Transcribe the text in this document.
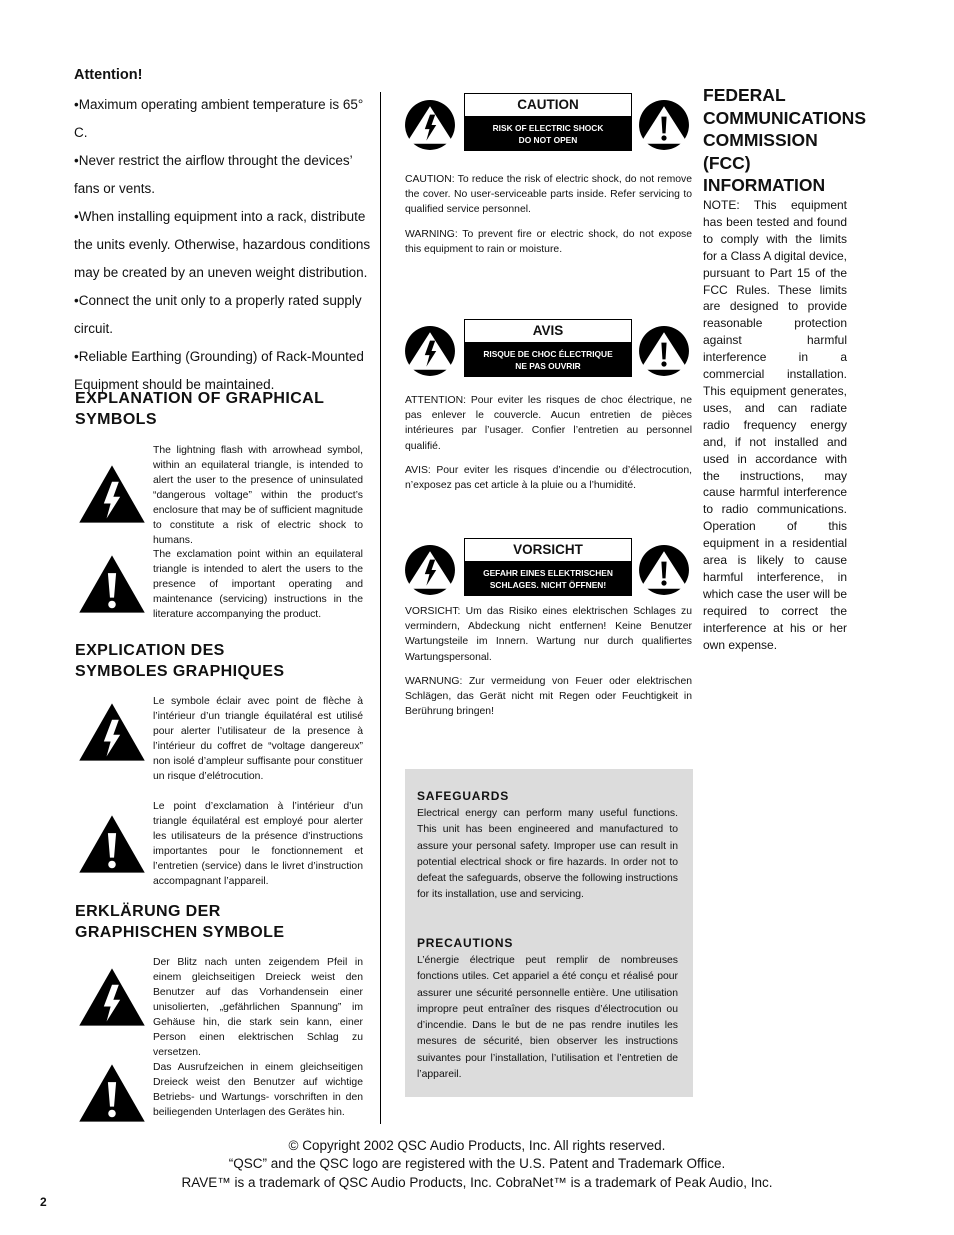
Attention!
•Maximum operating ambient temperature is 65° C.
•Never restrict the airflow throught the devices’ fans or vents.
•When installing equipment into a rack, distribute the units evenly. Otherwise, hazardous conditions may be created by an uneven weight distribution.
•Connect the unit only to a properly rated supply circuit.
•Reliable Earthing (Grounding) of Rack-Mounted Equipment should be maintained.
EXPLANATION OF GRAPHICAL SYMBOLS
The lightning flash with arrowhead symbol, within an equilateral triangle, is intended to alert the user to the presence of uninsulated “dangerous voltage” within the product’s enclosure that may be of sufficient magnitude to constitute a risk of electric shock to humans.
The exclamation point within an equilateral triangle is intended to alert the users to the presence of important operating and maintenance (servicing) instructions in the literature accompanying the product.
EXPLICATION DES SYMBOLES GRAPHIQUES
Le symbole éclair avec point de flèche à l’intérieur d’un triangle équilatéral est utilisé pour alerter l’utilisateur de la presence à l’intérieur du coffret de “voltage dangereux” non isolé d’ampleur suffisante pour constituer un risque d’elétrocution.
Le point d’exclamation à l’intérieur d’un triangle équilatéral est employé pour alerter les utilisateurs de la présence d’instructions importantes pour le fonctionnement et l’entretien (service) dans le livret d’instruction accompagnant l’appareil.
ERKLÄRUNG DER GRAPHISCHEN SYMBOLE
Der Blitz nach unten zeigendem Pfeil in einem gleichseitigen Dreieck weist den Benutzer auf das Vorhandensein einer unisolierten, „gefährlichen Spannung” im Gehäuse hin, die stark sein kann, einer Person einen elektrischen Schlag zu versetzen.
Das Ausrufzeichen in einem gleichseitigen Dreieck weist den Benutzer auf wichtige Betriebs- und Wartungs- vorschriften in den beiliegenden Unterlagen des Gerätes hin.
CAUTION
RISK OF ELECTRIC SHOCK
DO NOT OPEN
CAUTION: To reduce the risk of electric shock, do not remove the cover. No user-serviceable parts inside. Refer servicing to qualified service personnel.
WARNING: To prevent fire or electric shock, do not expose this equipment to rain or moisture.
AVIS
RISQUE DE CHOC ÉLECTRIQUE
NE PAS OUVRIR
ATTENTION: Pour eviter les risques de choc électrique, ne pas enlever le couvercle. Aucun entretien de pièces intérieures par l’usager. Confier l’entretien au personnel qualifié.
AVIS: Pour eviter les risques d’incendie ou d’électrocution, n’exposez pas cet article à la pluie ou a l’humidité.
VORSICHT
GEFAHR EINES ELEKTRISCHEN
SCHLAGES. NICHT ÖFFNEN!
VORSICHT: Um das Risiko eines elektrischen Schlages zu vermindern, Abdeckung nicht entfernen! Keine Benutzer Wartungsteile im Innern. Wartung nur durch qualifiertes Wartungspersonal.
WARNUNG: Zur vermeidung von Feuer oder elektrischen Schlägen, das Gerät nicht mit Regen oder Feuchtigkeit in Berührung bringen!
SAFEGUARDS
Electrical energy can perform many useful functions. This unit has been engineered and manufactured to assure your personal safety. Improper use can result in potential electrical shock or fire hazards. In order not to defeat the safeguards, observe the following instructions for its installation, use and servicing.
PRECAUTIONS
L’énergie électrique peut remplir de nombreuses fonctions utiles. Cet appariel a été conçu et réalisé pour assurer une sécurité personnelle entière. Une utilisation impropre peut entraîner des risques d’électrocution ou d’incendie. Dans le but de ne pas rendre inutiles les mesures de sécurité, bien observer les instructions suivantes pour l’installation, l’utilisation et l’entretien de l’appareil.
FEDERAL
COMMUNICATIONS
COMMISSION
(FCC)
INFORMATION
NOTE: This equipment has been tested and found to comply with the limits for a Class A digital device, pursuant to Part 15 of the FCC Rules. These limits are designed to provide reasonable protection against harmful interference in a commercial installation. This equipment generates, uses, and can radiate radio frequency energy and, if not installed and used in accordance with the instructions, may cause harmful interference to radio communications. Operation of this equipment in a residential area is likely to cause harmful interference, in which case the user will be required to correct the interference at his or her own expense.
© Copyright 2002 QSC Audio Products, Inc. All rights reserved.
“QSC” and the QSC logo are registered with the U.S. Patent and Trademark Office.
RAVE™ is a trademark of QSC Audio Products, Inc. CobraNet™ is a trademark of Peak Audio, Inc.
2
